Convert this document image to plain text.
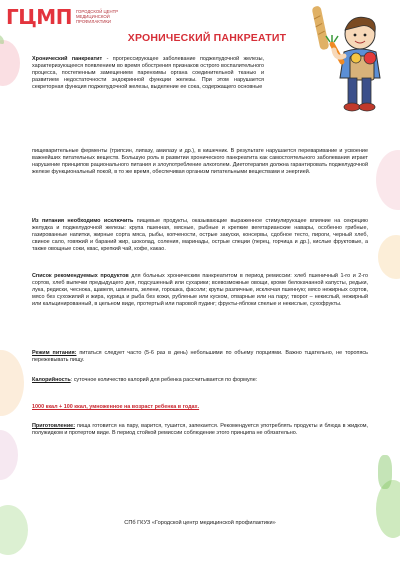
ГЦМП ГОРОДСКОЙ ЦЕНТР МЕДИЦИНСКОЙ ПРОФИЛАКТИКИ
ХРОНИЧЕСКИЙ ПАНКРЕАТИТ

Хронический панкреатит - прогрессирующее заболевание поджелудочной железы, характеризующееся появлением во время обострения признаков острого воспалительного процесса, постепенным замещением паренхимы органа соединительной тканью и развитием недостаточности эндокринной функции железы. При этом нарушается секреторная функция поджелудочной железы, выделение ее сока, содержащего основные

пищеварительные ферменты (трипсин, липазу, амилазу и др.), в кишечник. В результате нарушается переваривание и усвоение важнейших питательных веществ. Большую роль в развитии хронического панкреатита как самостоятельного заболевания играет нарушение принципов рационального питания и злоупотребление алкоголем. Диетотерапия должна гарантировать поджелудочной железе функциональный покой, в то же время, обеспечивая организм питательными веществами и энергией.

Из питания необходимо исключить пищевые продукты, оказывающие выраженное стимулирующее влияние на секрецию желудка и поджелудочной железы: крупа пшенная, мясные, рыбные и крепкие вегетарианские навары, особенно грибные, газированные напитки, жирные сорта мяса, рыбы, копчености, острые закуски, консервы, сдобное тесто, пироги, черный хлеб, свиное сало, говяжий и бараний жир, шоколад, соления, маринады, острые специи (перец, горчица и др.), кислые фруктовые, а также овощные соки, квас, крепкий чай, кофе, какао.

Список рекомендуемых продуктов для больных хроническим панкреатитом в период ремиссии: хлеб пшеничный 1-го и 2-го сортов, хлеб выпечки предыдущего дня, подсушенный или сухарики; всевозможные овощи, кроме белокачанной капусты, редьки, лука, редиски, чеснока, щавеля, шпината, зелени, горошка, фасоли; крупы различные, исключая пшенную; мясо нежирных сортов, мясо без сухожилий и жира, курица и рыба без кожи, рубленые или куском, отварные или на пару; творог – некислый, нежирный или кальцинированный, в цельном виде, протертый или паровой пудинг; фрукты-яблоки спелые и некислые, сухофрукты.

Режим питания: питаться следует часто (5-6 раз в день) небольшими по объему порциями. Важно тщательно, не торопясь пережевывать пищу.

Калорийность: суточное количество калорий для ребенка рассчитывается по формуле:

1000 ккал + 100 ккал, умноженное на возраст ребенка в годах.

Приготовление: пища готовится на пару, варится, тушится, запекается. Рекомендуется употреблять продукты и блюда в жидком, полужидком и протертом виде. В период стойкой ремиссии соблюдение этого принципа не обязательно.

СПб ГКУЗ «Городской центр медицинской профилактики»
